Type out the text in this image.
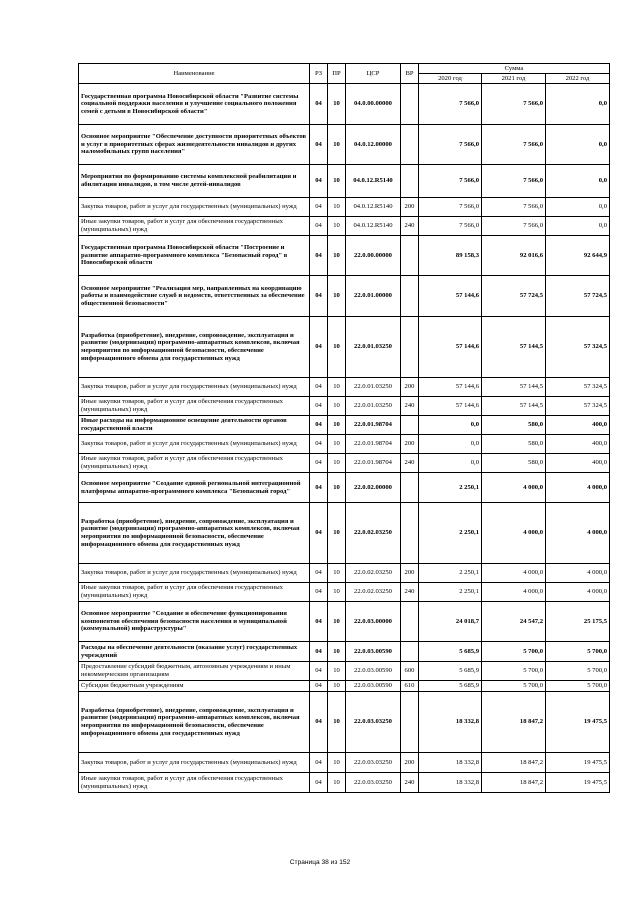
Наименование	РЗ	ПР	ЦСР	ВР	Сумма		
					2020 год	2021 год	2022 год
Государственная программа Новосибирской области "Развитие системы социальной поддержки населения и улучшение социального положения семей с детьми в Новосибирской области"	04	10	04.0.00.00000		7 566,0	7 566,0	0,0
Основное мероприятие "Обеспечение доступности приоритетных объектов и услуг в приоритетных сферах жизнедеятельности инвалидов и других маломобильных групп населения"	04	10	04.0.12.00000		7 566,0	7 566,0	0,0
Мероприятия по формированию системы комплексной реабилитации и абилитации инвалидов, в том числе детей-инвалидов	04	10	04.0.12.R5140		7 566,0	7 566,0	0,0
Закупка товаров, работ и услуг для государственных (муниципальных) нужд	04	10	04.0.12.R5140	200	7 566,0	7 566,0	0,0
Иные закупки товаров, работ и услуг для обеспечения государственных (муниципальных) нужд	04	10	04.0.12.R5140	240	7 566,0	7 566,0	0,0
Государственная программа Новосибирской области "Построение и развитие аппаратно-программного комплекса "Безопасный город" в Новосибирской области	04	10	22.0.00.00000		89 158,3	92 016,6	92 644,9
Основное мероприятие "Реализация мер, направленных на координацию работы и взаимодействие служб и ведомств, ответственных за обеспечение общественной безопасности"	04	10	22.0.01.00000		57 144,6	57 724,5	57 724,5
Разработка (приобретение), внедрение, сопровождение, эксплуатация и развитие (модернизация) программно-аппаратных комплексов, включая мероприятия по информационной безопасности, обеспечение информационного обмена для государственных нужд	04	10	22.0.01.03250		57 144,6	57 144,5	57 324,5
Закупка товаров, работ и услуг для государственных (муниципальных) нужд	04	10	22.0.01.03250	200	57 144,6	57 144,5	57 324,5
Иные закупки товаров, работ и услуг для обеспечения государственных (муниципальных) нужд	04	10	22.0.01.03250	240	57 144,6	57 144,5	57 324,5
Иные расходы на информационное освещение деятельности органов государственной власти	04	10	22.0.01.98704		0,0	580,0	400,0
Закупка товаров, работ и услуг для государственных (муниципальных) нужд	04	10	22.0.01.98704	200	0,0	580,0	400,0
Иные закупки товаров, работ и услуг для обеспечения государственных (муниципальных) нужд	04	10	22.0.01.98704	240	0,0	580,0	400,0
Основное мероприятие "Создание единой региональной интеграционной платформы аппаратно-программного комплекса "Безопасный город"	04	10	22.0.02.00000		2 250,1	4 000,0	4 000,0
Разработка (приобретение), внедрение, сопровождение, эксплуатация и развитие (модернизация) программно-аппаратных комплексов, включая мероприятия по информационной безопасности, обеспечение информационного обмена для государственных нужд	04	10	22.0.02.03250		2 250,1	4 000,0	4 000,0
Закупка товаров, работ и услуг для государственных (муниципальных) нужд	04	10	22.0.02.03250	200	2 250,1	4 000,0	4 000,0
Иные закупки товаров, работ и услуг для обеспечения государственных (муниципальных) нужд	04	10	22.0.02.03250	240	2 250,1	4 000,0	4 000,0
Основное мероприятие "Создание и обеспечение функционирования компонентов обеспечения безопасности населения и муниципальной (коммунальной) инфраструктуры"	04	10	22.0.03.00000		24 018,7	24 547,2	25 175,5
Расходы на обеспечение деятельности (оказание услуг) государственных учреждений	04	10	22.0.03.00590		5 685,9	5 700,0	5 700,0
Предоставление субсидий бюджетным, автономным учреждениям и иным некоммерческим организациям	04	10	22.0.03.00590	600	5 685,9	5 700,0	5 700,0
Субсидии бюджетным учреждениям	04	10	22.0.03.00590	610	5 685,9	5 700,0	5 700,0
Разработка (приобретение), внедрение, сопровождение, эксплуатация и развитие (модернизация) программно-аппаратных комплексов, включая мероприятия по информационной безопасности, обеспечение информационного обмена для государственных нужд	04	10	22.0.03.03250		18 332,8	18 847,2	19 475,5
Закупка товаров, работ и услуг для государственных (муниципальных) нужд	04	10	22.0.03.03250	200	18 332,8	18 847,2	19 475,5
Иные закупки товаров, работ и услуг для обеспечения государственных (муниципальных) нужд	04	10	22.0.03.03250	240	18 332,8	18 847,2	19 475,5
Страница 38 из 152
